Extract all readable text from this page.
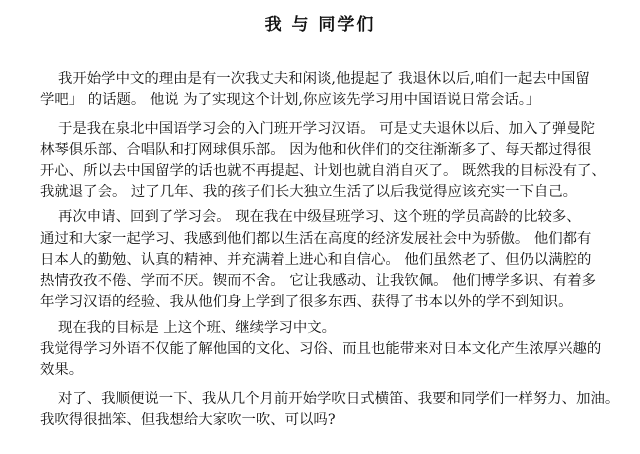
我 与 同学们
我开始学中文的理由是有一次我丈夫和闲谈,他提起了 我退休以后,咱们一起去中国留
学吧」 的话题。 他说 为了实现这个计划,你应该先学习用中国语说日常会话。」
于是我在泉北中国语学习会的入门班开学习汉语。 可是丈夫退休以后、加入了弹曼陀
林琴俱乐部、合唱队和打网球俱乐部。 因为他和伙伴们的交往渐渐多了、每天都过得很
开心、所以去中国留学的话也就不再提起、计划也就自消自灭了。 既然我的目标没有了、
我就退了会。 过了几年、我的孩子们长大独立生活了以后我觉得应该充实一下自己。
再次申请、回到了学习会。 现在我在中级昼班学习、这个班的学员高龄的比较多、
通过和大家一起学习、我感到他们都以生活在高度的经济发展社会中为骄傲。 他们都有
日本人的勤勉、认真的精神、并充满着上进心和自信心。 他们虽然老了、但仍以满腔的
热情孜孜不倦、学而不厌。锲而不舍。 它让我感动、让我钦佩。 他们博学多识、有着多
年学习汉语的经验、我从他们身上学到了很多东西、获得了书本以外的学不到知识。
现在我的目标是 上这个班、继续学习中文。
我觉得学习外语不仅能了解他国的文化、习俗、而且也能带来对日本文化产生浓厚兴趣的
效果。
对了、我顺便说一下、我从几个月前开始学吹日式横笛、我要和同学们一样努力、加油。
我吹得很拙笨、但我想给大家吹一吹、可以吗?
